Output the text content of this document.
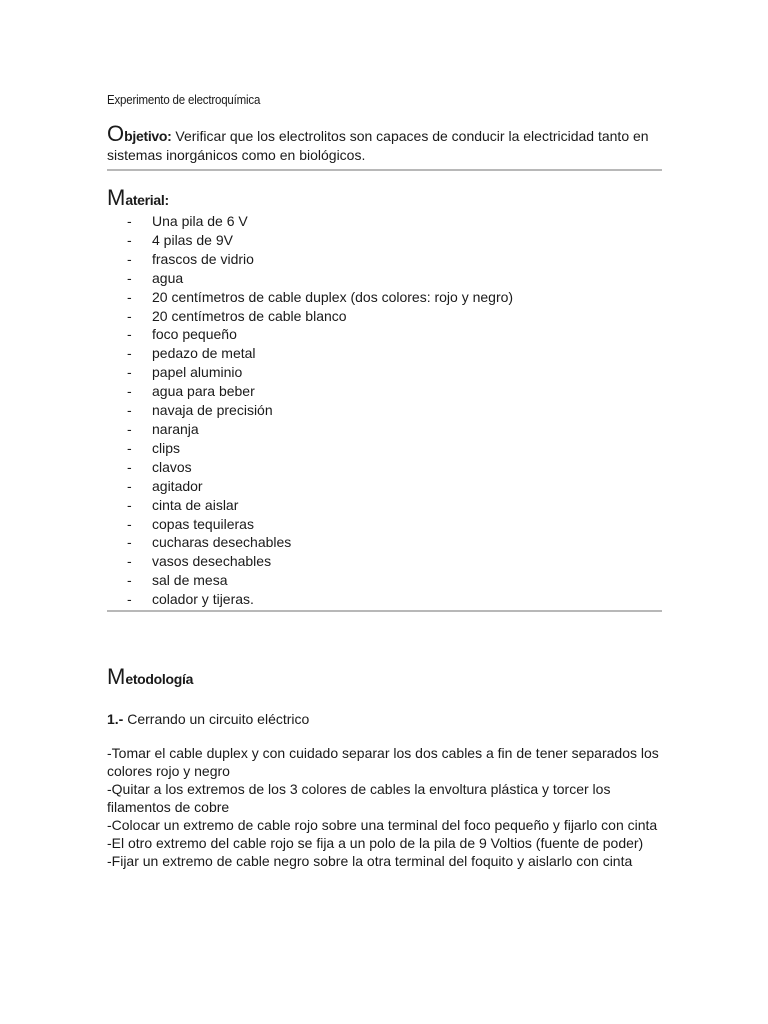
Experimento de electroquímica
Objetivo: Verificar que los electrolitos son capaces de conducir la electricidad tanto en sistemas inorgánicos como en biológicos.
Material:
- Una pila de 6 V
- 4 pilas de 9V
- frascos de vidrio
- agua
- 20 centímetros de cable duplex (dos colores: rojo y negro)
- 20 centímetros de cable blanco
- foco pequeño
- pedazo de metal
- papel aluminio
- agua para beber
- navaja de precisión
- naranja
- clips
- clavos
- agitador
- cinta de aislar
- copas tequileras
- cucharas desechables
- vasos desechables
- sal de mesa
- colador y tijeras.
Metodología
1.- Cerrando un circuito eléctrico

-Tomar el cable duplex y con cuidado separar los dos cables a fin de tener separados los colores rojo y negro

-Quitar a los extremos de los 3 colores de cables la envoltura plástica y torcer los filamentos de cobre

-Colocar un extremo de cable rojo sobre una terminal del foco pequeño y fijarlo con cinta

-El otro extremo del cable rojo se fija a un polo de la pila de 9 Voltios (fuente de poder)

-Fijar un extremo de cable negro sobre la otra terminal del foquito y aislarlo con cinta
